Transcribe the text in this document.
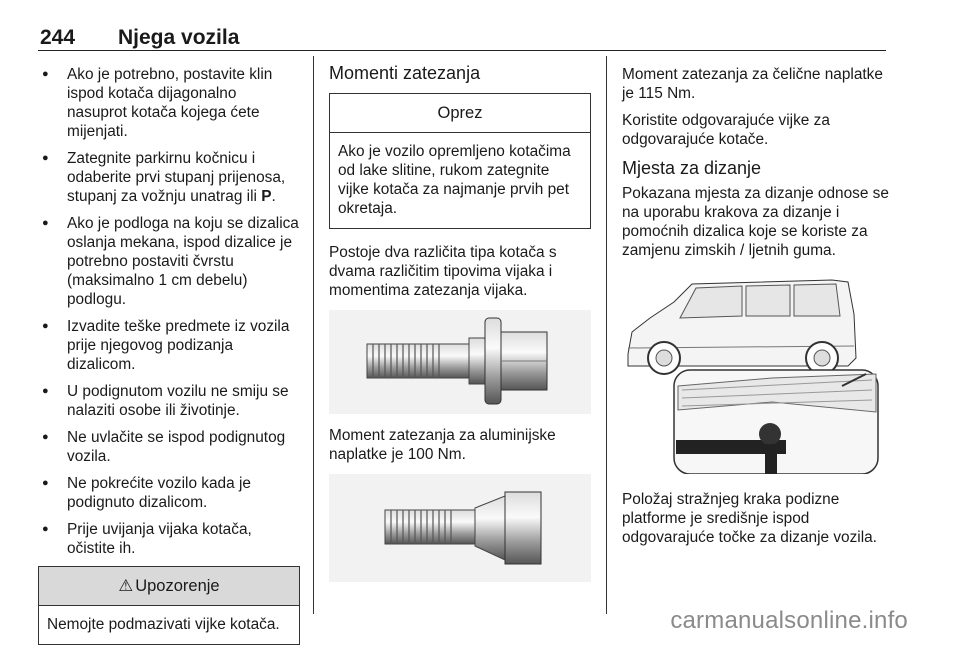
244	Njega vozila
● Ako je potrebno, postavite klin ispod kotača dijagonalno nasuprot kotača kojega ćete mijenjati.
● Zategnite parkirnu kočnicu i odaberite prvi stupanj prijenosa, stupanj za vožnju unatrag ili P.
● Ako je podloga na koju se dizalica oslanja mekana, ispod dizalice je potrebno postaviti čvrstu (maksimalno 1 cm debelu) podlogu.
● Izvadite teške predmete iz vozila prije njegovog podizanja dizalicom.
● U podignutom vozilu ne smiju se nalaziti osobe ili životinje.
● Ne uvlačite se ispod podignutog vozila.
● Ne pokrećite vozilo kada je podignuto dizalicom.
● Prije uvijanja vijaka kotača, očistite ih.
⚠ Upozorenje
Nemojte podmazivati vijke kotača.
Momenti zatezanja
Oprez
Ako je vozilo opremljeno kotačima od lake slitine, rukom zategnite vijke kotača za najmanje prvih pet okretaja.

Postoje dva različita tipa kotača s dvama različitim tipovima vijaka i momentima zatezanja vijaka.

Moment zatezanja za aluminijske naplatke je 100 Nm.

Moment zatezanja za čelične naplatke je 115 Nm.

Koristite odgovarajuće vijke za odgovarajuće kotače.

Mjesta za dizanje

Pokazana mjesta za dizanje odnose se na uporabu krakova za dizanje i pomoćnih dizalica koje se koriste za zamjenu zimskih / ljetnih guma.

Položaj stražnjeg kraka podizne platforme je središnje ispod odgovarajuće točke za dizanje vozila.

carmanualsonline.info
